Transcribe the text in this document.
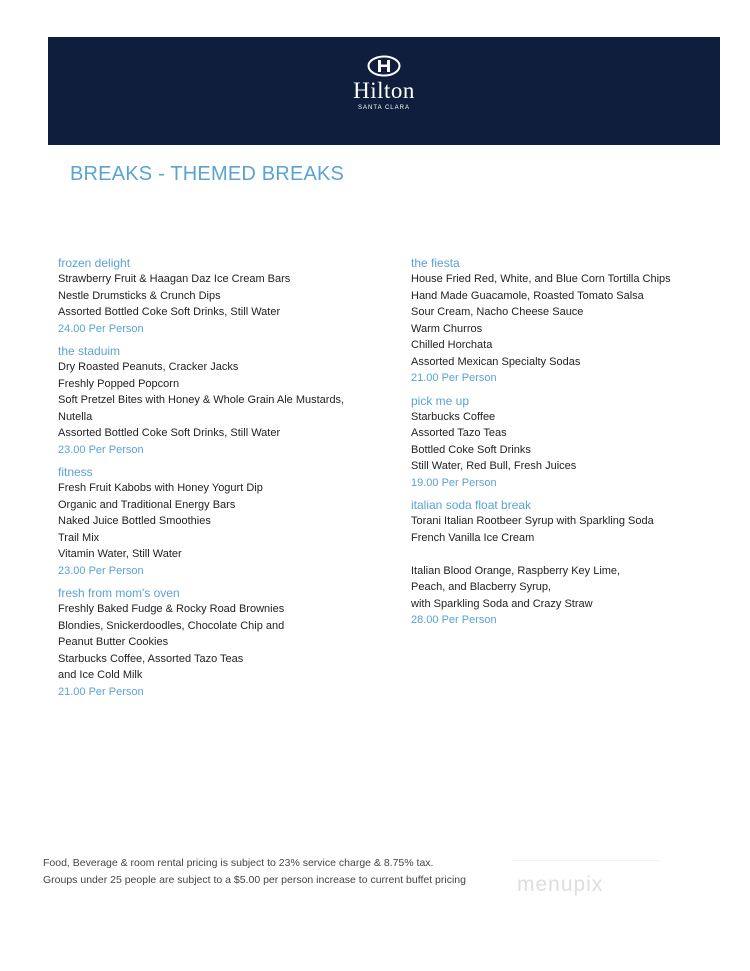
Hilton
SANTA CLARA
BREAKS - THEMED BREAKS
frozen delight

Strawberry Fruit & Haagan Daz Ice Cream Bars

Nestle Drumsticks & Crunch Dips

Assorted Bottled Coke Soft Drinks, Still Water

24.00 Per Person

the staduim

Dry Roasted Peanuts, Cracker Jacks

Freshly Popped Popcorn

Soft Pretzel Bites with Honey & Whole Grain Ale Mustards,

Nutella

Assorted Bottled Coke Soft Drinks, Still Water

23.00 Per Person

fitness

Fresh Fruit Kabobs with Honey Yogurt Dip

Organic and Traditional Energy Bars

Naked Juice Bottled Smoothies

Trail Mix

Vitamin Water, Still Water

23.00 Per Person

fresh from mom's oven

Freshly Baked Fudge & Rocky Road Brownies

Blondies, Snickerdoodles, Chocolate Chip and

Peanut Butter Cookies

Starbucks Coffee, Assorted Tazo Teas

and Ice Cold Milk

21.00 Per Person

the fiesta

House Fried Red, White, and Blue Corn Tortilla Chips

Hand Made Guacamole, Roasted Tomato Salsa

Sour Cream, Nacho Cheese Sauce

Warm Churros

Chilled Horchata

Assorted Mexican Specialty Sodas

21.00 Per Person

pick me up

Starbucks Coffee

Assorted Tazo Teas

Bottled Coke Soft Drinks

Still Water, Red Bull, Fresh Juices

19.00 Per Person

italian soda float break

Torani Italian Rootbeer Syrup with Sparkling Soda

French Vanilla Ice Cream

Italian Blood Orange, Raspberry Key Lime,

Peach, and Blacberry Syrup,

with Sparkling Soda and Crazy Straw

28.00 Per Person

Food, Beverage & room rental pricing is subject to 23% service charge & 8.75% tax.

Groups under 25 people are subject to a $5.00 per person increase to current buffet pricing	menupix
